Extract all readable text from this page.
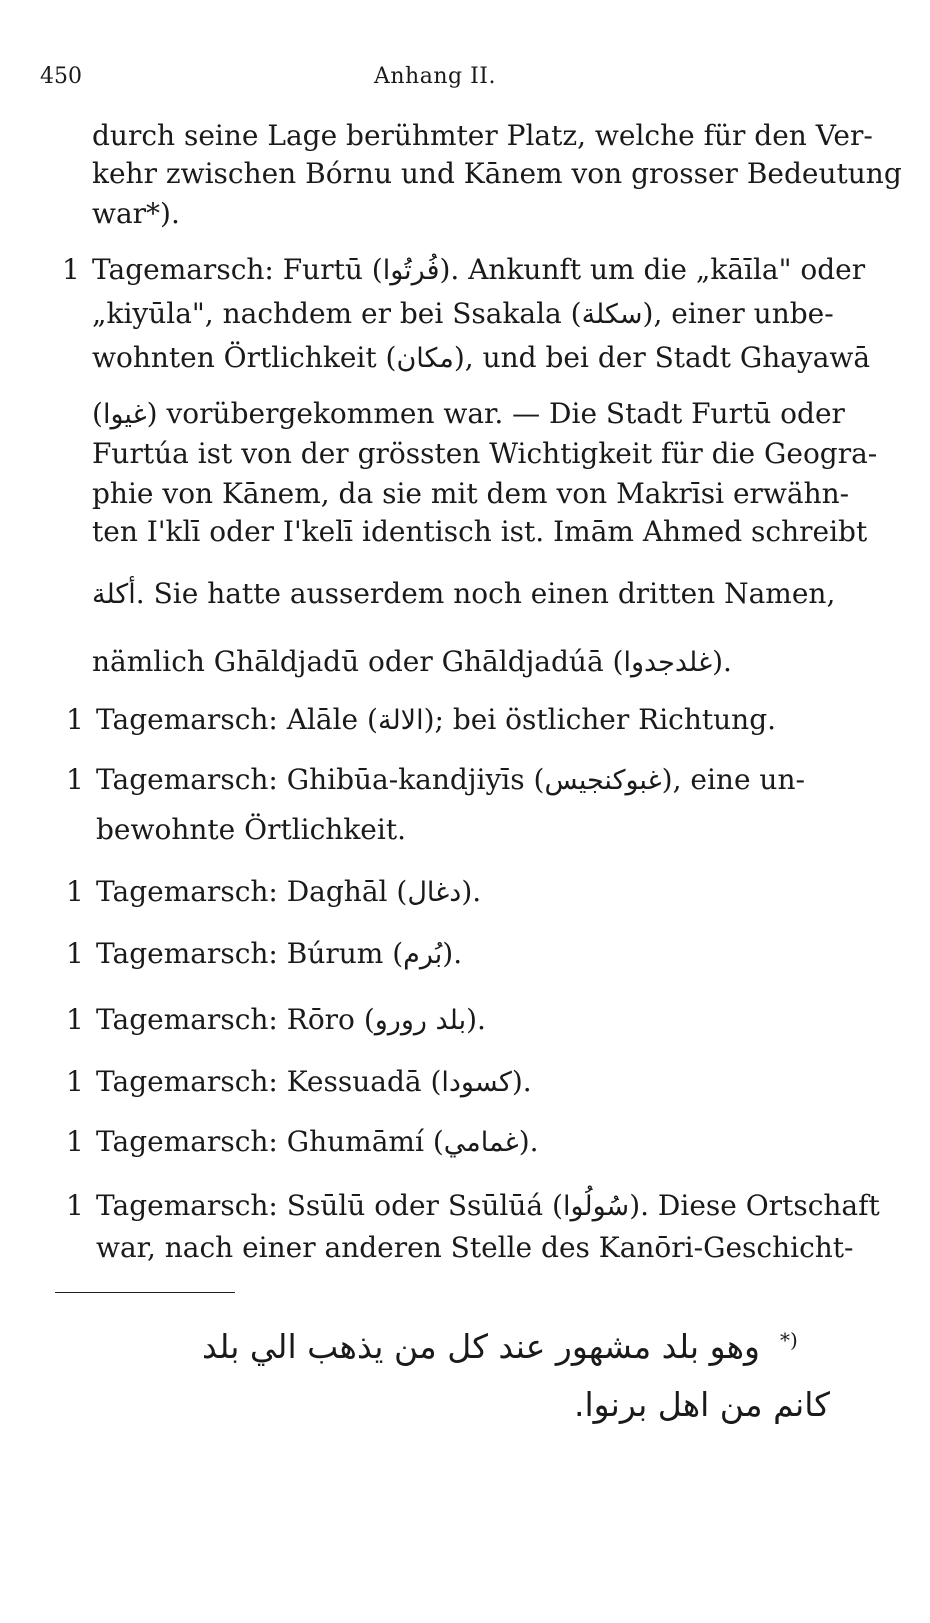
450	Anhang II.
durch seine Lage berühmter Platz, welche für den Ver-
kehr zwischen Bórnu und Kānem von grosser Bedeutung
war*).
1 Tagemarsch: Furtū (فُرتُوا). Ankunft um die „kāīla" oder
„kiyūla", nachdem er bei Ssakala (سكلة), einer unbe-
wohnten Örtlichkeit (مكان), und bei der Stadt Ghayawā
(غيوا) vorübergekommen war. — Die Stadt Furtū oder
Furtúa ist von der grössten Wichtigkeit für die Geogra-
phie von Kānem, da sie mit dem von Makrīsi erwähn-
ten I'klī oder I'kelī identisch ist. Imām Ahmed schreibt
أكلة. Sie hatte ausserdem noch einen dritten Namen,
nämlich Ghāldjadū oder Ghāldjadúā (غلدجدوا).
1 Tagemarsch: Alāle (الالة); bei östlicher Richtung.
1 Tagemarsch: Ghibūa-kandjiyīs (غبوكنجيس), eine un-
bewohnte Örtlichkeit.
1 Tagemarsch: Daghāl (دغال).
1 Tagemarsch: Búrum (بُرم).
1 Tagemarsch: Rōro (بلد رورو).
1 Tagemarsch: Kessuadā (كسودا).
1 Tagemarsch: Ghumāmí (غمامي).
1 Tagemarsch: Ssūlū oder Ssūlūá (سُولُوا). Diese Ortschaft
war, nach einer anderen Stelle des Kanōri-Geschicht-
*)
وهو بلد مشهور عند كل من يذهب الي بلد
كانم من اهل برنوا.
